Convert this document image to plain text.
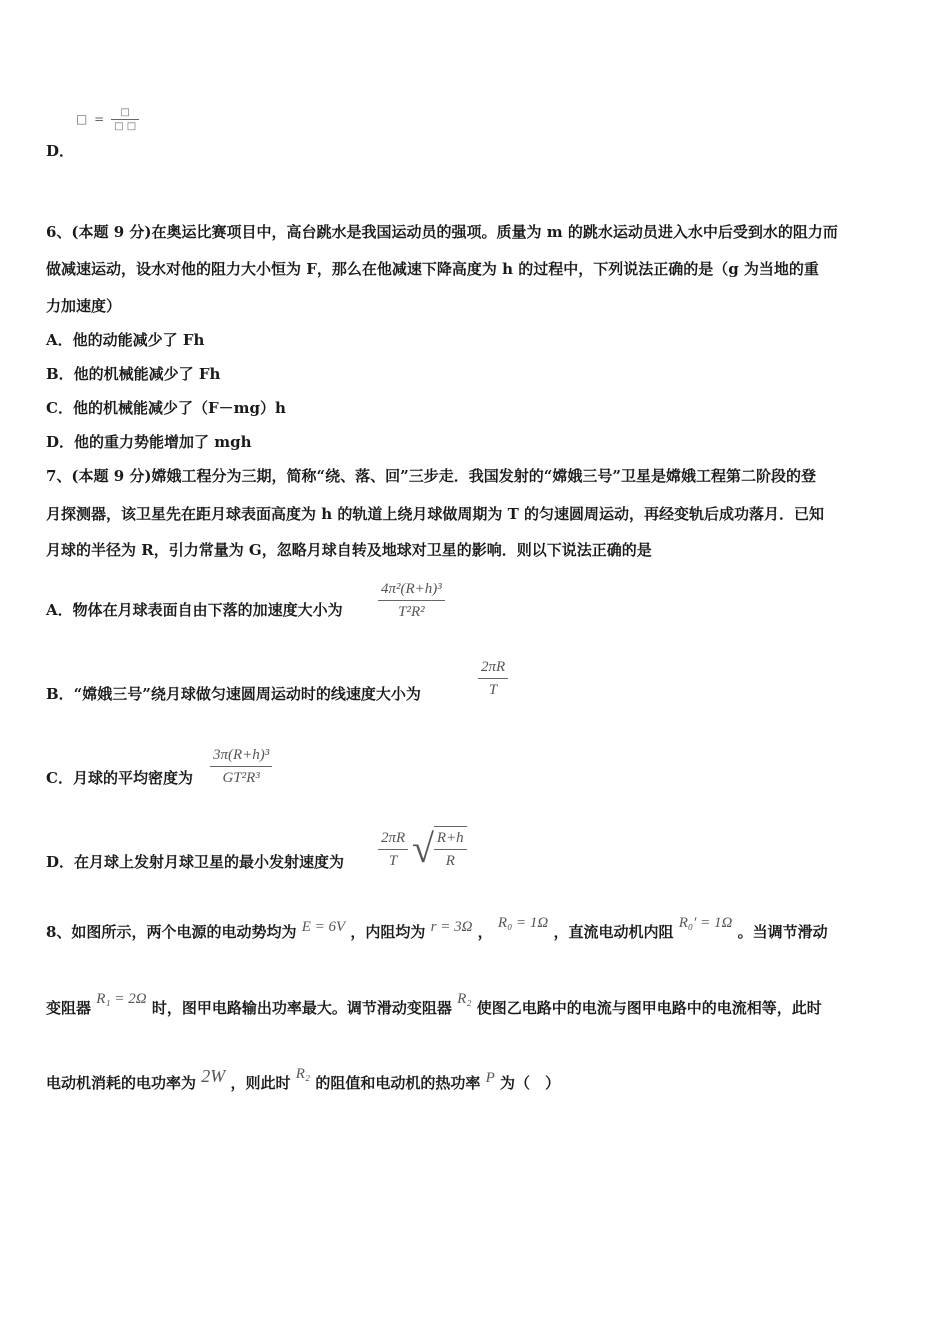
□ = $\frac{□}{□ □}$
D．
6、(本题 9 分)在奥运比赛项目中，高台跳水是我国运动员的强项。质量为 m 的跳水运动员进入水中后受到水的阻力而
做减速运动，设水对他的阻力大小恒为 F，那么在他减速下降高度为 h 的过程中，下列说法正确的是（g 为当地的重
力加速度）
A．他的动能减少了 Fh
B．他的机械能减少了 Fh
C．他的机械能减少了（F－mg）h
D．他的重力势能增加了 mgh
7、(本题 9 分)嫦娥工程分为三期，简称“绕、落、回”三步走．我国发射的“嫦娥三号”卫星是嫦娥工程第二阶段的登
月探测器，该卫星先在距月球表面高度为 h 的轨道上绕月球做周期为 T 的匀速圆周运动，再经变轨后成功落月．已知
月球的半径为 R，引力常量为 G，忽略月球自转及地球对卫星的影响．则以下说法正确的是
A．物体在月球表面自由下落的加速度大小为 $\frac{\text{4π²(R+h)³}}{\text{T²R²}}$
B．“嫦娥三号”绕月球做匀速圆周运动时的线速度大小为	$\frac{2\pi R}{T}$
C．月球的平均密度为 $\frac{\text{3π(R+h)³}}{\text{GT²R³}}$
D．在月球上发射月球卫星的最小发射速度为 $\frac{2\pi R}{T}$ √ $\frac{R+h}{R}$
8、如图所示，两个电源的电动势均为 E = 6V ，内阻均为 r = 3Ω ， R₀ = 1Ω ，直流电动机内阻 R₀′ = 1Ω 。当调节滑动
变阻器 R₁ = 2Ω 时，图甲电路输出功率最大。调节滑动变阻器 R₂ 使图乙电路中的电流与图甲电路中的电流相等，此时
电动机消耗的电功率为 2W ，则此时 R₂ 的阻值和电动机的热功率 P 为（　）
